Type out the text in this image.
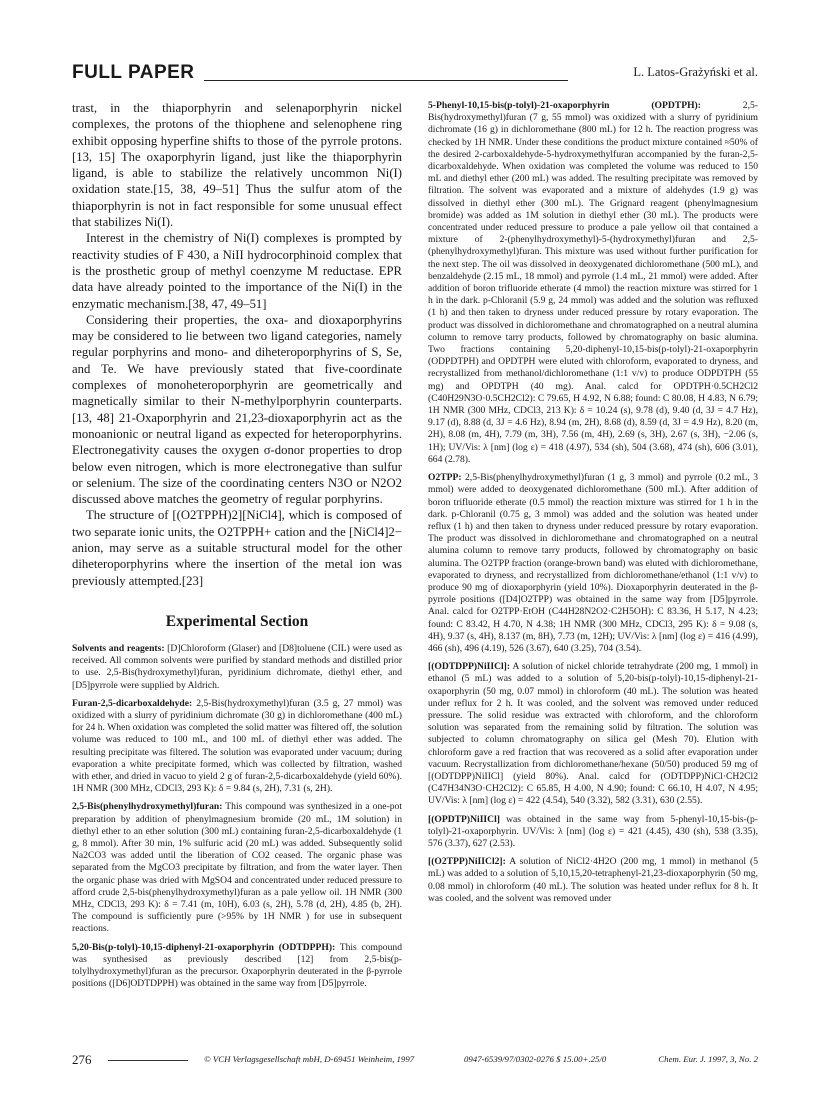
FULL PAPER	L. Latos-Grażyński et al.

trast, in the thiaporphyrin and selenaporphyrin nickel complexes, the protons of the thiophene and selenophene ring exhibit opposing hyperfine shifts to those of the pyrrole protons.[13, 15] The oxaporphyrin ligand, just like the thiaporphyrin ligand, is able to stabilize the relatively uncommon Ni(I) oxidation state.[15, 38, 49–51] Thus the sulfur atom of the thiaporphyrin is not in fact responsible for some unusual effect that stabilizes Ni(I).

Interest in the chemistry of Ni(I) complexes is prompted by reactivity studies of F 430, a NiII hydrocorphinoid complex that is the prosthetic group of methyl coenzyme M reductase. EPR data have already pointed to the importance of the Ni(I) in the enzymatic mechanism.[38, 47, 49–51]

Considering their properties, the oxa- and dioxaporphyrins may be considered to lie between two ligand categories, namely regular porphyrins and mono- and diheteroporphyrins of S, Se, and Te. We have previously stated that five-coordinate complexes of monoheteroporphyrin are geometrically and magnetically similar to their N-methylporphyrin counterparts.[13, 48] 21-Oxaporphyrin and 21,23-dioxaporphyrin act as the monoanionic or neutral ligand as expected for heteroporphyrins. Electronegativity causes the oxygen σ-donor properties to drop below even nitrogen, which is more electronegative than sulfur or selenium. The size of the coordinating centers N3O or N2O2 discussed above matches the geometry of regular porphyrins.

The structure of [(O2TPPH)2][NiCl4], which is composed of two separate ionic units, the O2TPPH+ cation and the [NiCl4]2− anion, may serve as a suitable structural model for the other diheteroporphyrins where the insertion of the metal ion was previously attempted.[23]

Experimental Section

Solvents and reagents: [D]Chloroform (Glaser) and [D8]toluene (CIL) were used as received. All common solvents were purified by standard methods and distilled prior to use. 2,5-Bis(hydroxymethyl)furan, pyridinium dichromate, diethyl ether, and [D5]pyrrole were supplied by Aldrich.

Furan-2,5-dicarboxaldehyde: 2,5-Bis(hydroxymethyl)furan (3.5 g, 27 mmol) was oxidized with a slurry of pyridinium dichromate (30 g) in dichloromethane (400 mL) for 24 h. When oxidation was completed the solid matter was filtered off, the solution volume was reduced to 100 mL, and 100 mL of diethyl ether was added. The resulting precipitate was filtered. The solution was evaporated under vacuum; during evaporation a white precipitate formed, which was collected by filtration, washed with ether, and dried in vacuo to yield 2 g of furan-2,5-dicarboxaldehyde (yield 60%). 1H NMR (300 MHz, CDCl3, 293 K): δ = 9.84 (s, 2H), 7.31 (s, 2H).

2,5-Bis(phenylhydroxymethyl)furan: This compound was synthesized in a one-pot preparation by addition of phenylmagnesium bromide (20 mL, 1M solution) in diethyl ether to an ether solution (300 mL) containing furan-2,5-dicarboxaldehyde (1 g, 8 mmol). After 30 min, 1% sulfuric acid (20 mL) was added. Subsequently solid Na2CO3 was added until the liberation of CO2 ceased. The organic phase was separated from the MgCO3 precipitate by filtration, and from the water layer. Then the organic phase was dried with MgSO4 and concentrated under reduced pressure to afford crude 2,5-bis(phenylhydroxymethyl)furan as a pale yellow oil. 1H NMR (300 MHz, CDCl3, 293 K): δ = 7.41 (m, 10H), 6.03 (s, 2H), 5.78 (d, 2H), 4.85 (b, 2H). The compound is sufficiently pure (>95% by 1H NMR ) for use in subsequent reactions.

5,20-Bis(p-tolyl)-10,15-diphenyl-21-oxaporphyrin (ODTDPPH): This compound was synthesised as previously described [12] from 2,5-bis(p-tolylhydroxymethyl)furan as the precursor. Oxaporphyrin deuterated in the β-pyrrole positions ([D6]ODTDPPH) was obtained in the same way from [D5]pyrrole.

5-Phenyl-10,15-bis(p-tolyl)-21-oxaporphyrin (OPDTPH): 2,5-Bis(hydroxymethyl)furan (7 g, 55 mmol) was oxidized with a slurry of pyridinium dichromate (16 g) in dichloromethane (800 mL) for 12 h. The reaction progress was checked by 1H NMR. Under these conditions the product mixture contained ≈50% of the desired 2-carboxaldehyde-5-hydroxymethylfuran accompanied by the furan-2,5-dicarboxaldehyde. When oxidation was completed the volume was reduced to 150 mL and diethyl ether (200 mL) was added. The resulting precipitate was removed by filtration. The solvent was evaporated and a mixture of aldehydes (1.9 g) was dissolved in diethyl ether (300 mL). The Grignard reagent (phenylmagnesium bromide) was added as 1M solution in diethyl ether (30 mL). The products were concentrated under reduced pressure to produce a pale yellow oil that contained a mixture of 2-(phenylhydroxymethyl)-5-(hydroxymethyl)furan and 2,5-(phenylhydroxymethyl)furan. This mixture was used without further purification for the next step. The oil was dissolved in deoxygenated dichloromethane (500 mL), and benzaldehyde (2.15 mL, 18 mmol) and pyrrole (1.4 mL, 21 mmol) were added. After addition of boron trifluoride etherate (4 mmol) the reaction mixture was stirred for 1 h in the dark. p-Chloranil (5.9 g, 24 mmol) was added and the solution was refluxed (1 h) and then taken to dryness under reduced pressure by rotary evaporation. The product was dissolved in dichloromethane and chromatographed on a neutral alumina column to remove tarry products, followed by chromatography on basic alumina. Two fractions containing 5,20-diphenyl-10,15-bis(p-tolyl)-21-oxaporphyrin (ODPDTPH) and OPDTPH were eluted with chloroform, evaporated to dryness, and recrystallized from methanol/dichloromethane (1:1 v/v) to produce ODPDTPH (55 mg) and OPDTPH (40 mg). Anal. calcd for OPDTPH·0.5CH2Cl2 (C40H29N3O·0.5CH2Cl2): C 79.65, H 4.92, N 6.88; found: C 80.08, H 4.83, N 6.79; 1H NMR (300 MHz, CDCl3, 213 K): δ = 10.24 (s), 9.78 (d), 9.40 (d, 3J = 4.7 Hz), 9.17 (d), 8.88 (d, 3J = 4.6 Hz), 8.94 (m, 2H), 8.68 (d), 8.59 (d, 3J = 4.9 Hz), 8.20 (m, 2H), 8.08 (m, 4H), 7.79 (m, 3H), 7.56 (m, 4H), 2.69 (s, 3H), 2.67 (s, 3H), −2.06 (s, 1H); UV/Vis: λ [nm] (log ε) = 418 (4.97), 534 (sh), 504 (3.68), 474 (sh), 606 (3.01), 664 (2.78).

O2TPP: 2,5-Bis(phenylhydroxymethyl)furan (1 g, 3 mmol) and pyrrole (0.2 mL, 3 mmol) were added to deoxygenated dichloromethane (500 mL). After addition of boron trifluoride etherate (0.5 mmol) the reaction mixture was stirred for 1 h in the dark. p-Chloranil (0.75 g, 3 mmol) was added and the solution was heated under reflux (1 h) and then taken to dryness under reduced pressure by rotary evaporation. The product was dissolved in dichloromethane and chromatographed on a neutral alumina column to remove tarry products, followed by chromatography on basic alumina. The O2TPP fraction (orange-brown band) was eluted with dichloromethane, evaporated to dryness, and recrystallized from dichloromethane/ethanol (1:1 v/v) to produce 90 mg of dioxaporphyrin (yield 10%). Dioxaporphyrin deuterated in the β-pyrrole positions ([D4]O2TPP) was obtained in the same way from [D5]pyrrole. Anal. calcd for O2TPP·EtOH (C44H28N2O2·C2H5OH): C 83.36, H 5.17, N 4.23; found: C 83.42, H 4.70, N 4.38; 1H NMR (300 MHz, CDCl3, 295 K): δ = 9.08 (s, 4H), 9.37 (s, 4H), 8.137 (m, 8H), 7.73 (m, 12H); UV/Vis: λ [nm] (log ε) = 416 (4.99), 466 (sh), 496 (4.19), 526 (3.67), 640 (3.25), 704 (3.54).

[(ODTDPP)NiIICl]: A solution of nickel chloride tetrahydrate (200 mg, 1 mmol) in ethanol (5 mL) was added to a solution of 5,20-bis(p-tolyl)-10,15-diphenyl-21-oxaporphyrin (50 mg, 0.07 mmol) in chloroform (40 mL). The solution was heated under reflux for 2 h. It was cooled, and the solvent was removed under reduced pressure. The solid residue was extracted with chloroform, and the chloroform solution was separated from the remaining solid by filtration. The solution was subjected to column chromatography on silica gel (Mesh 70). Elution with chloroform gave a red fraction that was recovered as a solid after evaporation under vacuum. Recrystallization from dichloromethane/hexane (50/50) produced 59 mg of [(ODTDPP)NiIICl] (yield 80%). Anal. calcd for (ODTDPP)NiCl·CH2Cl2 (C47H34N3O·CH2Cl2): C 65.85, H 4.00, N 4.90; found: C 66.10, H 4.07, N 4.95; UV/Vis: λ [nm] (log ε) = 422 (4.54), 540 (3.32), 582 (3.31), 630 (2.55).

[(OPDTP)NiIICl] was obtained in the same way from 5-phenyl-10,15-bis-(p-tolyl)-21-oxaporphyrin. UV/Vis: λ [nm] (log ε) = 421 (4.45), 430 (sh), 538 (3.35), 576 (3.37), 627 (2.53).

[(O2TPP)NiIICl2]: A solution of NiCl2·4H2O (200 mg, 1 mmol) in methanol (5 mL) was added to a solution of 5,10,15,20-tetraphenyl-21,23-dioxaporphyrin (50 mg, 0.08 mmol) in chloroform (40 mL). The solution was heated under reflux for 8 h. It was cooled, and the solvent was removed under

276	© VCH Verlagsgesellschaft mbH, D-69451 Weinheim, 1997	0947-6539/97/0302-0276 $ 15.00+.25/0	Chem. Eur. J. 1997, 3, No. 2
